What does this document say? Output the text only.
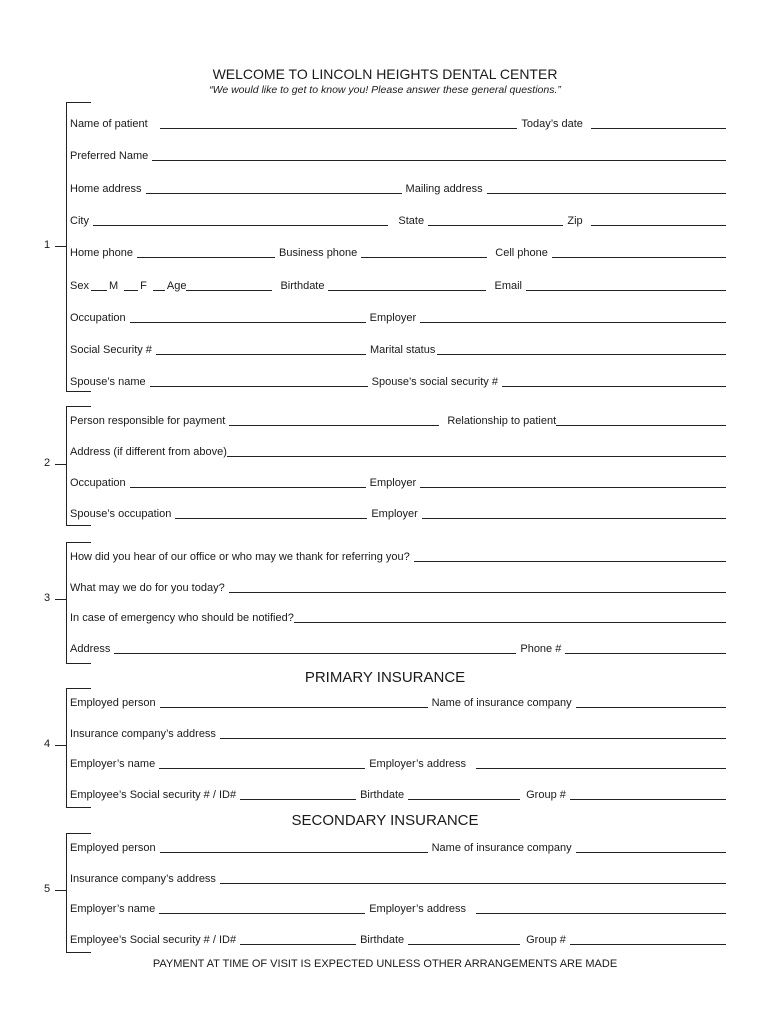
WELCOME TO LINCOLN HEIGHTS DENTAL CENTER
“We would like to get to know you! Please answer these general questions.”
1
2
3
4
5
Name of patient	Today’s date
Preferred Name
Home address	Mailing address
City	State	Zip
Home phone	Business phone	Cell phone
Sex M F Age	Birthdate	Email
Occupation	Employer
Social Security #	Marital status
Spouse’s name	Spouse’s social security #
Person responsible for payment	Relationship to patient
Address (if different from above)
Occupation	Employer
Spouse’s occupation	Employer
How did you hear of our office or who may we thank for referring you?
What may we do for you today?
In case of emergency who should be notified?
Address	Phone #
PRIMARY INSURANCE
Employed person	Name of insurance company
Insurance company’s address
Employer’s name	Employer’s address
Employee’s Social security # / ID#	Birthdate	Group #
SECONDARY INSURANCE
Employed person	Name of insurance company
Insurance company’s address
Employer’s name	Employer’s address
Employee’s Social security # / ID#	Birthdate	Group #
PAYMENT AT TIME OF VISIT IS EXPECTED UNLESS OTHER ARRANGEMENTS ARE MADE
